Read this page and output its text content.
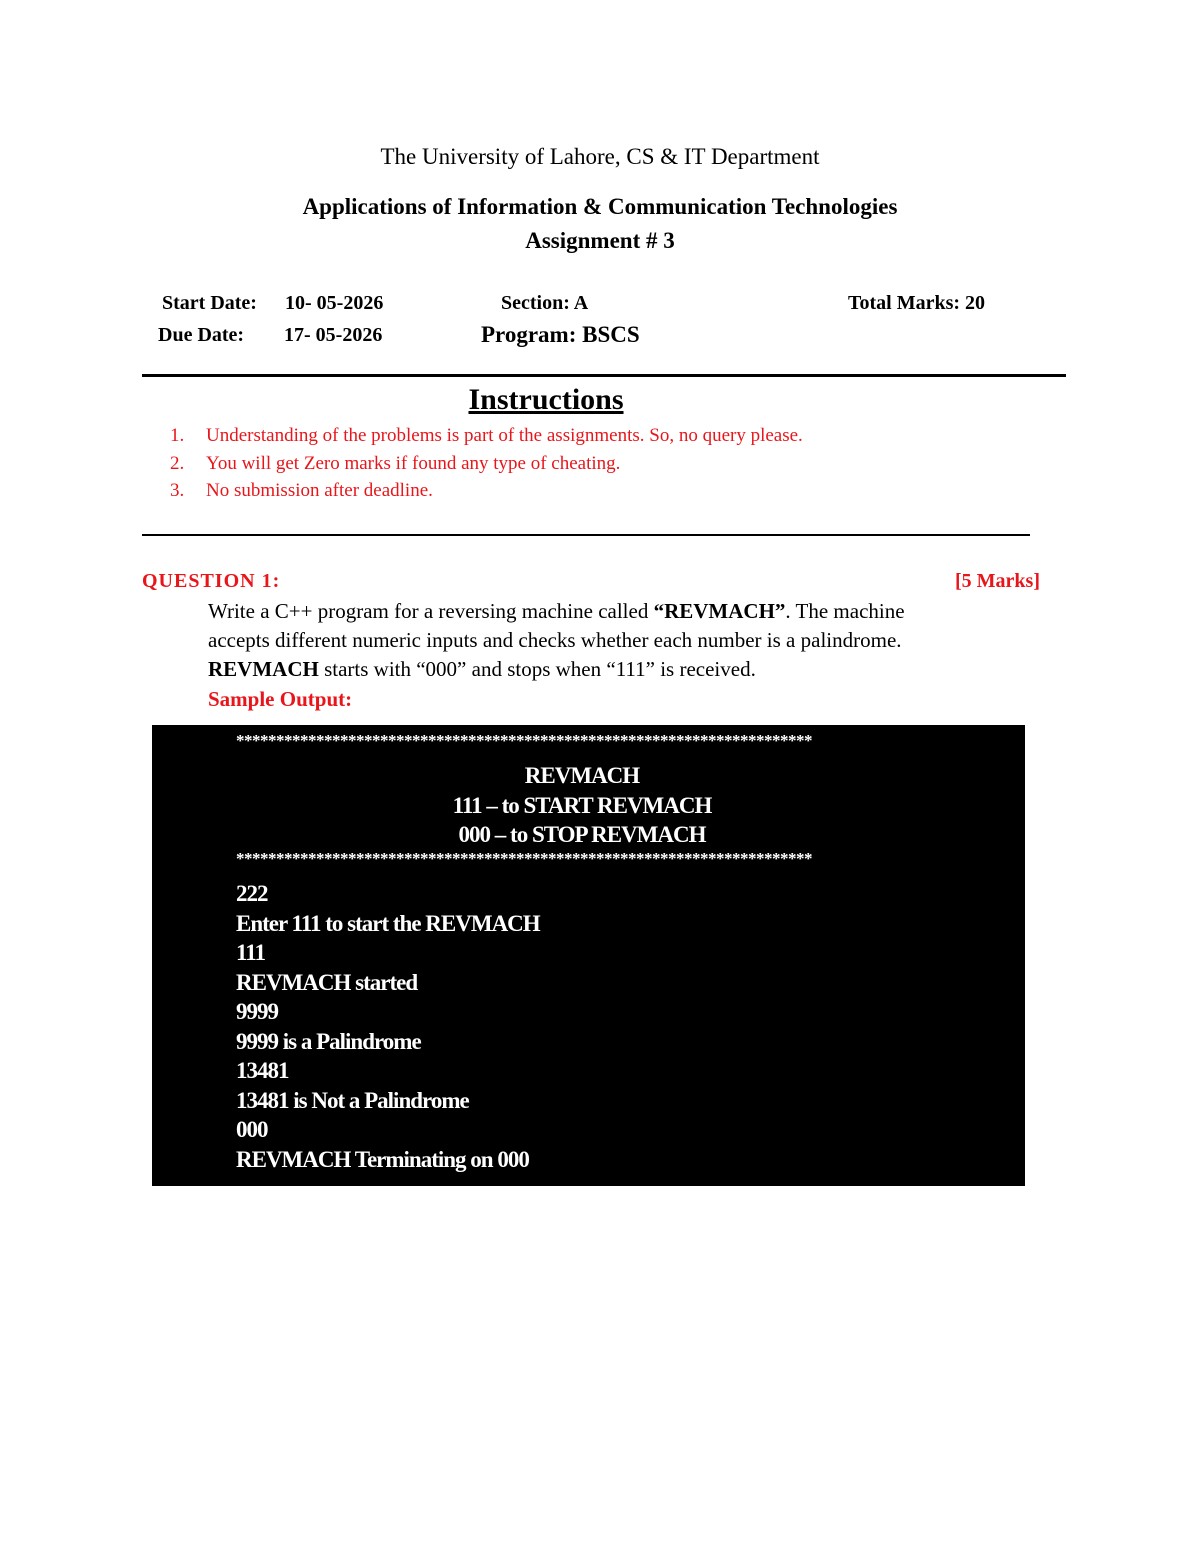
The University of Lahore, CS & IT Department
Applications of Information & Communication Technologies
Assignment # 3
Start Date: 10- 05-2026	Section: A	Total Marks: 20
Due Date: 17- 05-2026	Program: BSCS
Instructions
1. Understanding of the problems is part of the assignments. So, no query please.
2. You will get Zero marks if found any type of cheating.
3. No submission after deadline.
QUESTION 1:	[5 Marks]
Write a C++ program for a reversing machine called “REVMACH”. The machine
accepts different numeric inputs and checks whether each number is a palindrome.
REVMACH starts with “000” and stops when “111” is received.
Sample Output:
************************************************************************
REVMACH
111 – to START REVMACH
000 – to STOP REVMACH
************************************************************************
222
Enter 111 to start the REVMACH
111
REVMACH started
9999
9999 is a Palindrome
13481
13481 is Not a Palindrome
000
REVMACH Terminating on 000
